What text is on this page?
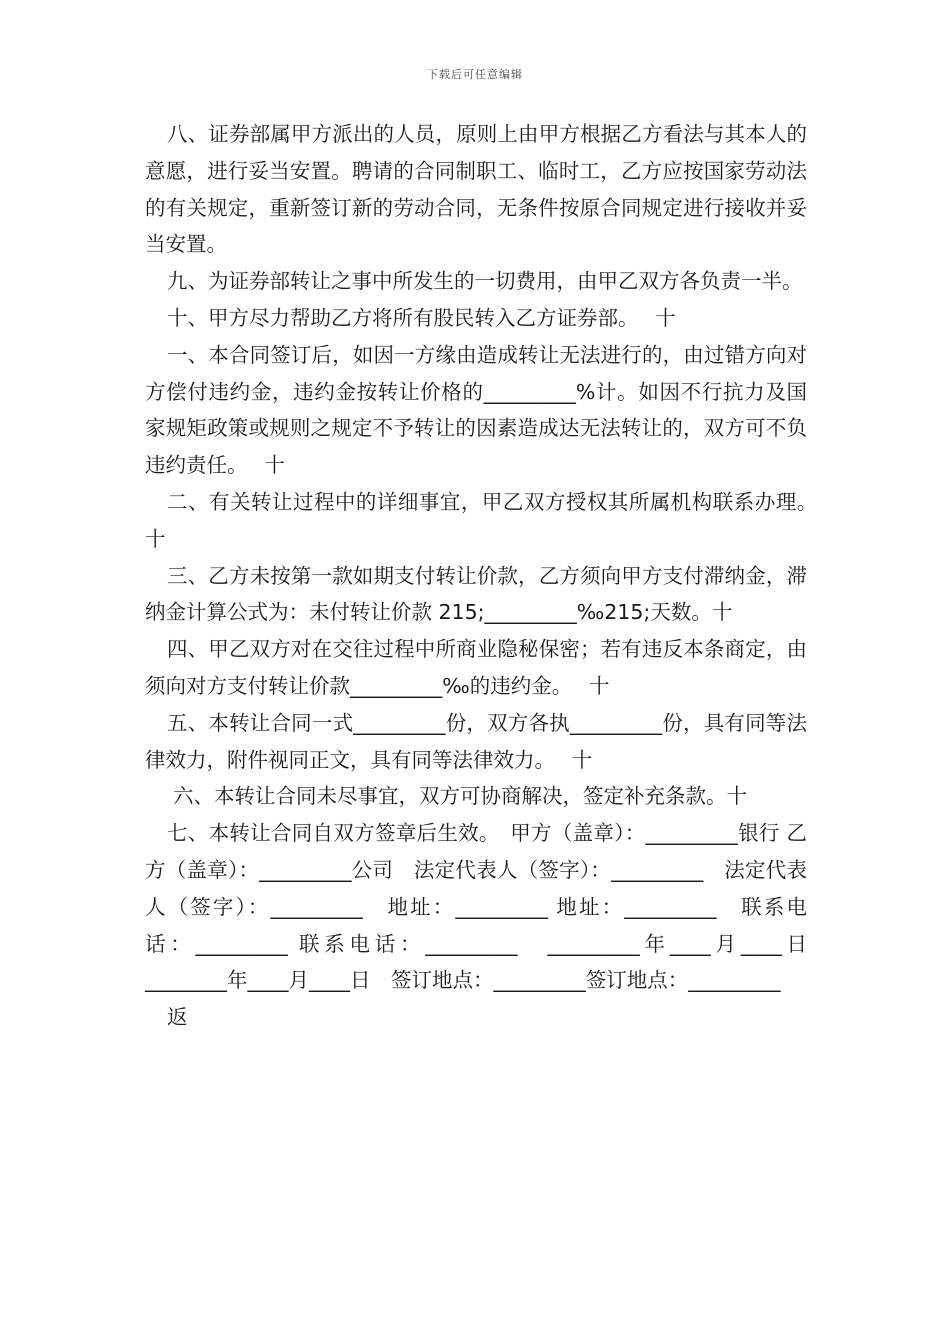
下载后可任意编辑

八、证券部属甲方派出的人员，原则上由甲方根据乙方看法与其本人的意愿，进行妥当安置。聘请的合同制职工、临时工，乙方应按国家劳动法的有关规定，重新签订新的劳动合同，无条件按原合同规定进行接收并妥当安置。

九、为证券部转让之事中所发生的一切费用，由甲乙双方各负责一半。

十、甲方尽力帮助乙方将所有股民转入乙方证券部。　 十

一、本合同签订后，如因一方缘由造成转让无法进行的，由过错方向对方偿付违约金，违约金按转让价格的_________%计。如因不行抗力及国家规矩政策或规则之规定不予转让的因素造成达无法转让的，双方可不负违约责任。　 十

二、有关转让过程中的详细事宜，甲乙双方授权其所属机构联系办理。　 十

三、乙方未按第一款如期支付转让价款，乙方须向甲方支付滞纳金，滞纳金计算公式为：未付转让价款 215;_________‰215;天数。十

四、甲乙双方对在交往过程中所商业隐秘保密；若有违反本条商定，由须向对方支付转让价款_________‰的违约金。　 十

五、本转让合同一式_________份，双方各执_________份，具有同等法律效力，附件视同正文，具有同等法律效力。　 十

六、本转让合同未尽事宜，双方可协商解决，签定补充条款。十

七、本转让合同自双方签章后生效。　甲方（盖章）：_________银行 乙方（盖章）：_________公司　法定代表人（签字）：_________　法定代表人（签字）：_________　地址：_________ 地址：_________　联系电话：_________ 联系电话：_________　_________年____月____日 ________年____月____日　签订地点：_________签订地点：_________

返
